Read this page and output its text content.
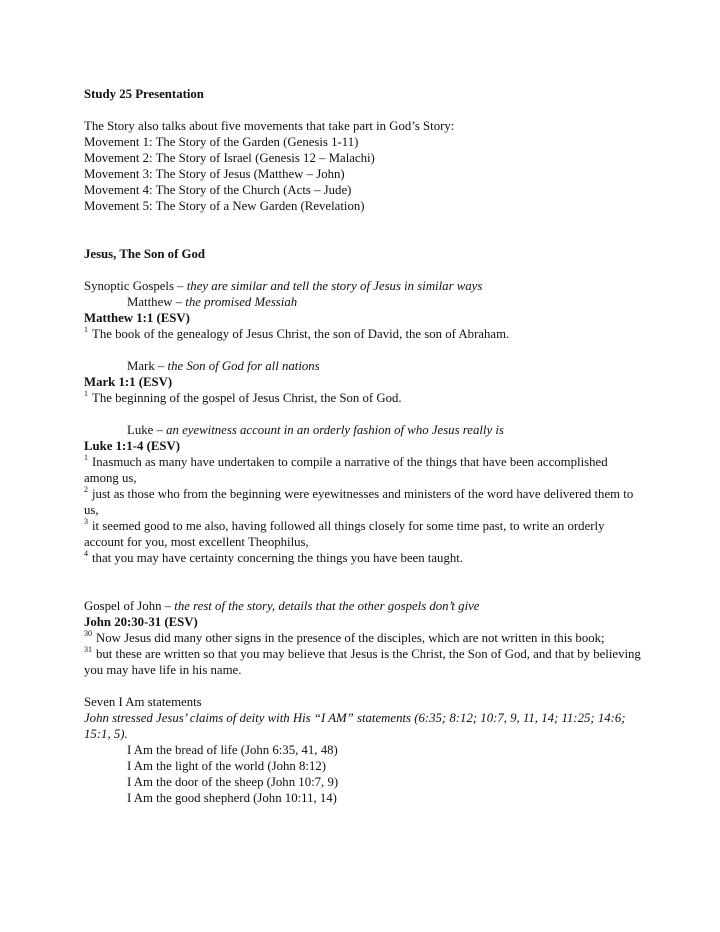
Study 25 Presentation
The Story also talks about five movements that take part in God’s Story:
Movement 1: The Story of the Garden (Genesis 1-11)
Movement 2: The Story of Israel (Genesis 12 – Malachi)
Movement 3: The Story of Jesus (Matthew – John)
Movement 4: The Story of the Church (Acts – Jude)
Movement 5: The Story of a New Garden (Revelation)
Jesus, The Son of God
Synoptic Gospels – they are similar and tell the story of Jesus in similar ways
Matthew – the promised Messiah
Matthew 1:1 (ESV)
$^1$ The book of the genealogy of Jesus Christ, the son of David, the son of Abraham.
Mark – the Son of God for all nations
Mark 1:1 (ESV)
$^1$ The beginning of the gospel of Jesus Christ, the Son of God.
Luke – an eyewitness account in an orderly fashion of who Jesus really is
Luke 1:1-4 (ESV)
$^1$ Inasmuch as many have undertaken to compile a narrative of the things that have been accomplished among us,
$^2$ just as those who from the beginning were eyewitnesses and ministers of the word have delivered them to us,
$^3$ it seemed good to me also, having followed all things closely for some time past, to write an orderly account for you, most excellent Theophilus,
$^4$ that you may have certainty concerning the things you have been taught.
Gospel of John – the rest of the story, details that the other gospels don’t give
John 20:30-31 (ESV)
$^{30}$ Now Jesus did many other signs in the presence of the disciples, which are not written in this book;
$^{31}$ but these are written so that you may believe that Jesus is the Christ, the Son of God, and that by believing you may have life in his name.
Seven I Am statements
John stressed Jesus’ claims of deity with His “I AM” statements (6:35; 8:12; 10:7, 9, 11, 14; 11:25; 14:6; 15:1, 5).
I Am the bread of life (John 6:35, 41, 48)
I Am the light of the world (John 8:12)
I Am the door of the sheep (John 10:7, 9)
I Am the good shepherd (John 10:11, 14)
